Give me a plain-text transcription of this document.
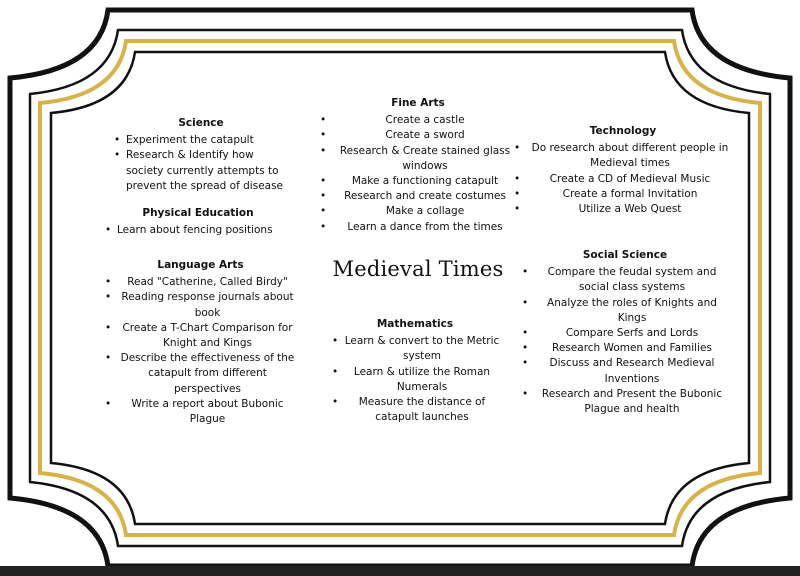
Science
• Experiment the catapult
• Research & Identify how society currently attempts to prevent the spread of disease
Physical Education
• Learn about fencing positions
Language Arts
• Read "Catherine, Called Birdy"
• Reading response journals about book
• Create a T-Chart Comparison for Knight and Kings
• Describe the effectiveness of the catapult from different perspectives
• Write a report about Bubonic Plague
Fine Arts
• Create a castle
• Create a sword
• Research & Create stained glass windows
• Make a functioning catapult
• Research and create costumes
• Make a collage
• Learn a dance from the times
Medieval Times
Mathematics
• Learn & convert to the Metric system
• Learn & utilize the Roman Numerals
• Measure the distance of catapult launches
Technology
• Do research about different people in Medieval times
• Create a CD of Medieval Music
• Create a formal Invitation
• Utilize a Web Quest
Social Science
• Compare the feudal system and social class systems
• Analyze the roles of Knights and Kings
• Compare Serfs and Lords
• Research Women and Families
• Discuss and Research Medieval Inventions
• Research and Present the Bubonic Plague and health
